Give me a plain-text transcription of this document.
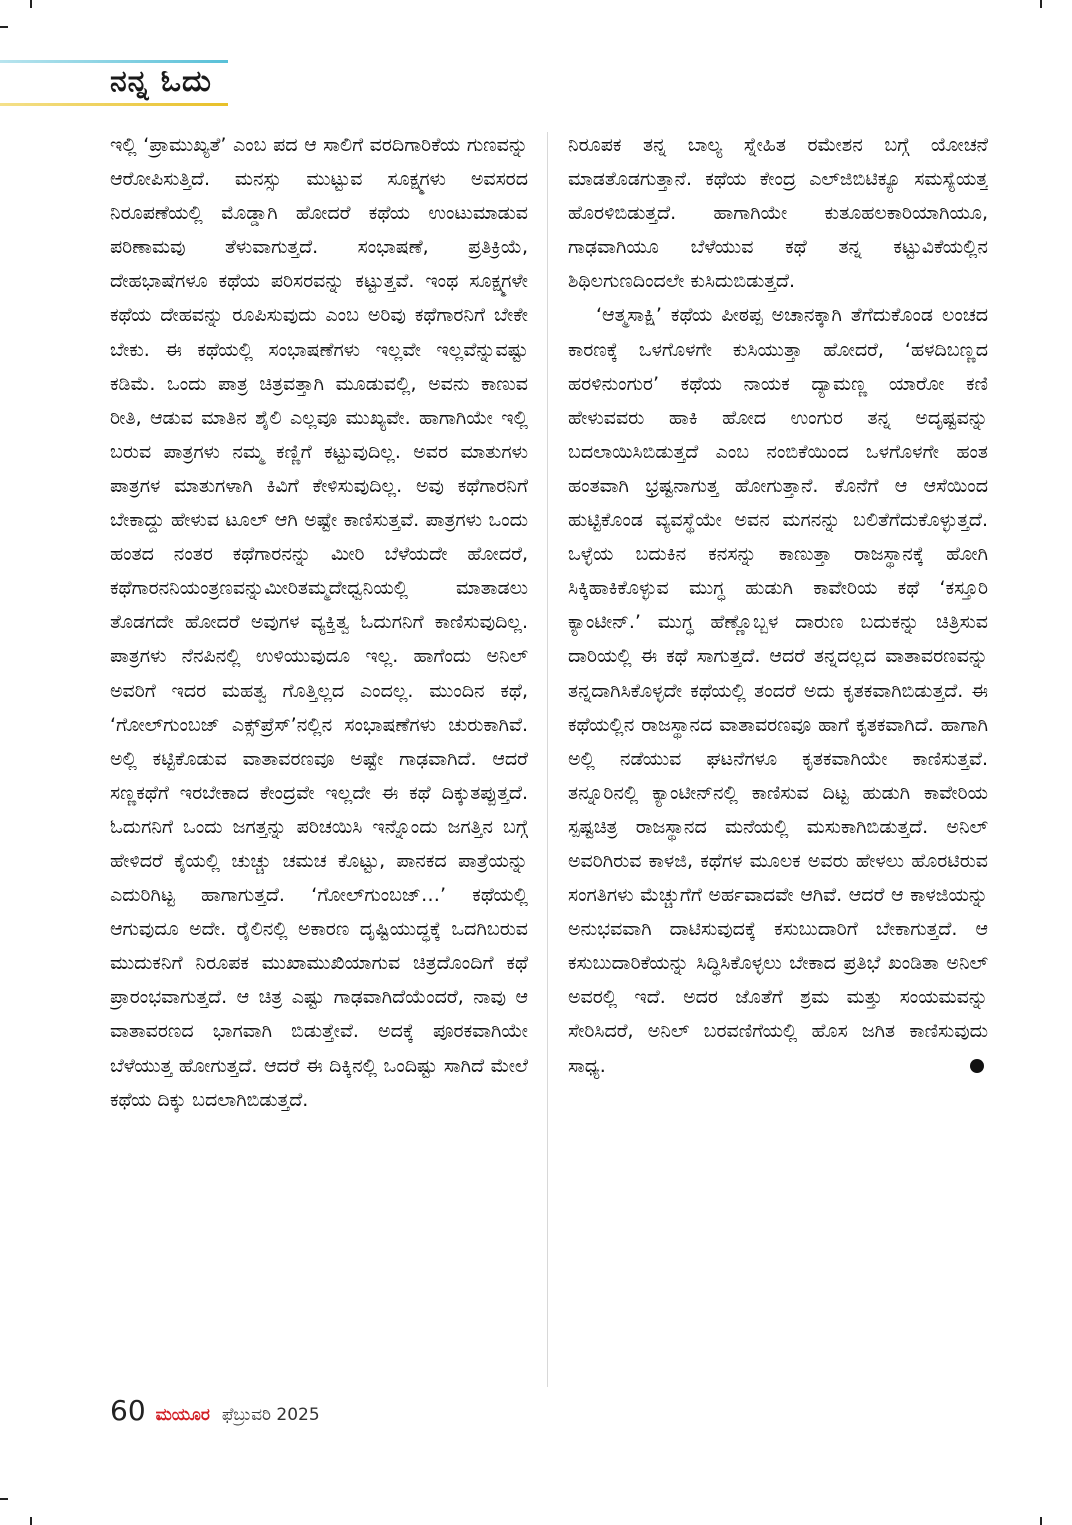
ನನ್ನ ಓದು

ಇಲ್ಲಿ ‘ಪ್ರಾಮುಖ್ಯತೆ’ ಎಂಬ ಪದ ಆ ಸಾಲಿಗೆ ವರದಿಗಾರಿಕೆಯ ಗುಣವನ್ನು ಆರೋಪಿಸುತ್ತಿದೆ. ಮನಸ್ಸು ಮುಟ್ಟುವ ಸೂಕ್ಷ್ಮಗಳು ಅವಸರದ ನಿರೂಪಣೆಯಲ್ಲಿ ಮೊಡ್ಡಾಗಿ ಹೋದರೆ ಕಥೆಯ ಉಂಟುಮಾಡುವ ಪರಿಣಾಮವು ತೆಳುವಾಗುತ್ತದೆ. ಸಂಭಾಷಣೆ, ಪ್ರತಿಕ್ರಿಯೆ, ದೇಹಭಾಷೆಗಳೂ ಕಥೆಯ ಪರಿಸರವನ್ನು ಕಟ್ಟುತ್ತವೆ. ಇಂಥ ಸೂಕ್ಷ್ಮಗಳೇ ಕಥೆಯ ದೇಹವನ್ನು ರೂಪಿಸುವುದು ಎಂಬ ಅರಿವು ಕಥೆಗಾರನಿಗೆ ಬೇಕೇ ಬೇಕು. ಈ ಕಥೆಯಲ್ಲಿ ಸಂಭಾಷಣೆಗಳು ಇಲ್ಲವೇ ಇಲ್ಲವೆನ್ನುವಷ್ಟು ಕಡಿಮೆ. ಒಂದು ಪಾತ್ರ ಚಿತ್ರವತ್ತಾಗಿ ಮೂಡುವಲ್ಲಿ, ಅವನು ಕಾಣುವ ರೀತಿ, ಆಡುವ ಮಾತಿನ ಶೈಲಿ ಎಲ್ಲವೂ ಮುಖ್ಯವೇ. ಹಾಗಾಗಿಯೇ ಇಲ್ಲಿ ಬರುವ ಪಾತ್ರಗಳು ನಮ್ಮ ಕಣ್ಣಿಗೆ ಕಟ್ಟುವುದಿಲ್ಲ. ಅವರ ಮಾತುಗಳು ಪಾತ್ರಗಳ ಮಾತುಗಳಾಗಿ ಕಿವಿಗೆ ಕೇಳಿಸುವುದಿಲ್ಲ. ಅವು ಕಥೆಗಾರನಿಗೆ ಬೇಕಾದ್ದು ಹೇಳುವ ಟೂಲ್ ಆಗಿ ಅಷ್ಟೇ ಕಾಣಿಸುತ್ತವೆ. ಪಾತ್ರಗಳು ಒಂದು ಹಂತದ ನಂತರ ಕಥೆಗಾರನನ್ನು ಮೀರಿ ಬೆಳೆಯದೇ ಹೋದರೆ, ಕಥೆಗಾರನನಿಯಂತ್ರಣವನ್ನುಮೀರಿತಮ್ಮದೇಧ್ವನಿಯಲ್ಲಿ ಮಾತಾಡಲು ತೊಡಗದೇ ಹೋದರೆ ಅವುಗಳ ವ್ಯಕ್ತಿತ್ವ ಓದುಗನಿಗೆ ಕಾಣಿಸುವುದಿಲ್ಲ. ಪಾತ್ರಗಳು ನೆನಪಿನಲ್ಲಿ ಉಳಿಯುವುದೂ ಇಲ್ಲ. ಹಾಗೆಂದು ಅನಿಲ್ ಅವರಿಗೆ ಇದರ ಮಹತ್ವ ಗೊತ್ತಿಲ್ಲದ ಎಂದಲ್ಲ. ಮುಂದಿನ ಕಥೆ, ‘ಗೋಲ್‌ಗುಂಬಜ್ ಎಕ್ಸ್‌ಪ್ರೆಸ್’ನಲ್ಲಿನ ಸಂಭಾಷಣೆಗಳು ಚುರುಕಾಗಿವೆ. ಅಲ್ಲಿ ಕಟ್ಟಿಕೊಡುವ ವಾತಾವರಣವೂ ಅಷ್ಟೇ ಗಾಢವಾಗಿದೆ. ಆದರೆ ಸಣ್ಣಕಥೆಗೆ ಇರಬೇಕಾದ ಕೇಂದ್ರವೇ ಇಲ್ಲದೇ ಈ ಕಥೆ ದಿಕ್ಕುತಪ್ಪುತ್ತದೆ. ಓದುಗನಿಗೆ ಒಂದು ಜಗತ್ತನ್ನು ಪರಿಚಯಿಸಿ ಇನ್ನೊಂದು ಜಗತ್ತಿನ ಬಗ್ಗೆ ಹೇಳಿದರೆ ಕೈಯಲ್ಲಿ ಚುಚ್ಚು ಚಮಚ ಕೊಟ್ಟು, ಪಾನಕದ ಪಾತ್ರೆಯನ್ನು ಎದುರಿಗಿಟ್ಟ ಹಾಗಾಗುತ್ತದೆ. ‘ಗೋಲ್‌ಗುಂಬಜ್…’ ಕಥೆಯಲ್ಲಿ ಆಗುವುದೂ ಅದೇ. ರೈಲಿನಲ್ಲಿ ಅಕಾರಣ ದೃಷ್ಟಿಯುದ್ಧಕ್ಕೆ ಒದಗಿಬರುವ ಮುದುಕನಿಗೆ ನಿರೂಪಕ ಮುಖಾಮುಖಿಯಾಗುವ ಚಿತ್ರದೊಂದಿಗೆ ಕಥೆ ಪ್ರಾರಂಭವಾಗುತ್ತದೆ. ಆ ಚಿತ್ರ ಎಷ್ಟು ಗಾಢವಾಗಿದೆಯೆಂದರೆ, ನಾವು ಆ ವಾತಾವರಣದ ಭಾಗವಾಗಿ ಬಿಡುತ್ತೇವೆ. ಅದಕ್ಕೆ ಪೂರಕವಾಗಿಯೇ ಬೆಳೆಯುತ್ತ ಹೋಗುತ್ತದೆ. ಆದರೆ ಈ ದಿಕ್ಕಿನಲ್ಲಿ ಒಂದಿಷ್ಟು ಸಾಗಿದೆ ಮೇಲೆ ಕಥೆಯ ದಿಕ್ಕು ಬದಲಾಗಿಬಿಡುತ್ತದೆ.

ನಿರೂಪಕ ತನ್ನ ಬಾಲ್ಯ ಸ್ನೇಹಿತ ರಮೇಶನ ಬಗ್ಗೆ ಯೋಚನೆ ಮಾಡತೊಡಗುತ್ತಾನೆ. ಕಥೆಯ ಕೇಂದ್ರ ಎಲ್‌ಜಿಬಿಟಿಕ್ಯೂ ಸಮಸ್ಯೆಯತ್ತ ಹೊರಳಿಬಿಡುತ್ತದೆ. ಹಾಗಾಗಿಯೇ ಕುತೂಹಲಕಾರಿಯಾಗಿಯೂ, ಗಾಢವಾಗಿಯೂ ಬೆಳೆಯುವ ಕಥೆ ತನ್ನ ಕಟ್ಟುವಿಕೆಯಲ್ಲಿನ ಶಿಥಿಲಗುಣದಿಂದಲೇ ಕುಸಿದುಬಿಡುತ್ತದೆ.

‘ಆತ್ಮಸಾಕ್ಷಿ’ ಕಥೆಯ ಪೀಠಪ್ಪ ಅಚಾನಕ್ಕಾಗಿ ತೆಗೆದುಕೊಂಡ ಲಂಚದ ಕಾರಣಕ್ಕೆ ಒಳಗೊಳಗೇ ಕುಸಿಯುತ್ತಾ ಹೋದರೆ, ‘ಹಳದಿಬಣ್ಣದ ಹರಳಿನುಂಗುರ’ ಕಥೆಯ ನಾಯಕ ದ್ಯಾಮಣ್ಣ ಯಾರೋ ಕಣಿ ಹೇಳುವವರು ಹಾಕಿ ಹೋದ ಉಂಗುರ ತನ್ನ ಅದೃಷ್ಟವನ್ನು ಬದಲಾಯಿಸಿಬಿಡುತ್ತದೆ ಎಂಬ ನಂಬಿಕೆಯಿಂದ ಒಳಗೊಳಗೇ ಹಂತ ಹಂತವಾಗಿ ಭ್ರಷ್ಟನಾಗುತ್ತ ಹೋಗುತ್ತಾನೆ. ಕೊನೆಗೆ ಆ ಆಸೆಯಿಂದ ಹುಟ್ಟಿಕೊಂಡ ವ್ಯವಸ್ಥೆಯೇ ಅವನ ಮಗನನ್ನು ಬಲಿತೆಗೆದುಕೊಳ್ಳುತ್ತದೆ. ಒಳ್ಳೆಯ ಬದುಕಿನ ಕನಸನ್ನು ಕಾಣುತ್ತಾ ರಾಜಸ್ಥಾನಕ್ಕೆ ಹೋಗಿ ಸಿಕ್ಕಿಹಾಕಿಕೊಳ್ಳುವ ಮುಗ್ಧ ಹುಡುಗಿ ಕಾವೇರಿಯ ಕಥೆ ‘ಕಸ್ತೂರಿ ಕ್ಯಾಂಟೀನ್.’ ಮುಗ್ಧ ಹೆಣ್ಣೊಬ್ಬಳ ದಾರುಣ ಬದುಕನ್ನು ಚಿತ್ರಿಸುವ ದಾರಿಯಲ್ಲಿ ಈ ಕಥೆ ಸಾಗುತ್ತದೆ. ಆದರೆ ತನ್ನದಲ್ಲದ ವಾತಾವರಣವನ್ನು ತನ್ನದಾಗಿಸಿಕೊಳ್ಳದೇ ಕಥೆಯಲ್ಲಿ ತಂದರೆ ಅದು ಕೃತಕವಾಗಿಬಿಡುತ್ತದೆ. ಈ ಕಥೆಯಲ್ಲಿನ ರಾಜಸ್ಥಾನದ ವಾತಾವರಣವೂ ಹಾಗೆ ಕೃತಕವಾಗಿದೆ. ಹಾಗಾಗಿ ಅಲ್ಲಿ ನಡೆಯುವ ಘಟನೆಗಳೂ ಕೃತಕವಾಗಿಯೇ ಕಾಣಿಸುತ್ತವೆ. ತನ್ನೂರಿನಲ್ಲಿ ಕ್ಯಾಂಟೀನ್‌ನಲ್ಲಿ ಕಾಣಿಸುವ ದಿಟ್ಟ ಹುಡುಗಿ ಕಾವೇರಿಯ ಸ್ಪಷ್ಟಚಿತ್ರ ರಾಜಸ್ಥಾನದ ಮನೆಯಲ್ಲಿ ಮಸುಕಾಗಿಬಿಡುತ್ತದೆ. ಅನಿಲ್ ಅವರಿಗಿರುವ ಕಾಳಜಿ, ಕಥೆಗಳ ಮೂಲಕ ಅವರು ಹೇಳಲು ಹೊರಟಿರುವ ಸಂಗತಿಗಳು ಮೆಚ್ಚುಗೆಗೆ ಅರ್ಹವಾದವೇ ಆಗಿವೆ. ಆದರೆ ಆ ಕಾಳಜಿಯನ್ನು ಅನುಭವವಾಗಿ ದಾಟಿಸುವುದಕ್ಕೆ ಕಸುಬುದಾರಿಗೆ ಬೇಕಾಗುತ್ತದೆ. ಆ ಕಸುಬುದಾರಿಕೆಯನ್ನು ಸಿದ್ಧಿಸಿಕೊಳ್ಳಲು ಬೇಕಾದ ಪ್ರತಿಭೆ ಖಂಡಿತಾ ಅನಿಲ್ ಅವರಲ್ಲಿ ಇದೆ. ಅದರ ಜೊತೆಗೆ ಶ್ರಮ ಮತ್ತು ಸಂಯಮವನ್ನು ಸೇರಿಸಿದರೆ, ಅನಿಲ್ ಬರವಣಿಗೆಯಲ್ಲಿ ಹೊಸ ಜಗಿತ ಕಾಣಿಸುವುದು ಸಾಧ್ಯ.

60 ಮಯೂರ ಫೆಬ್ರುವರಿ 2025
